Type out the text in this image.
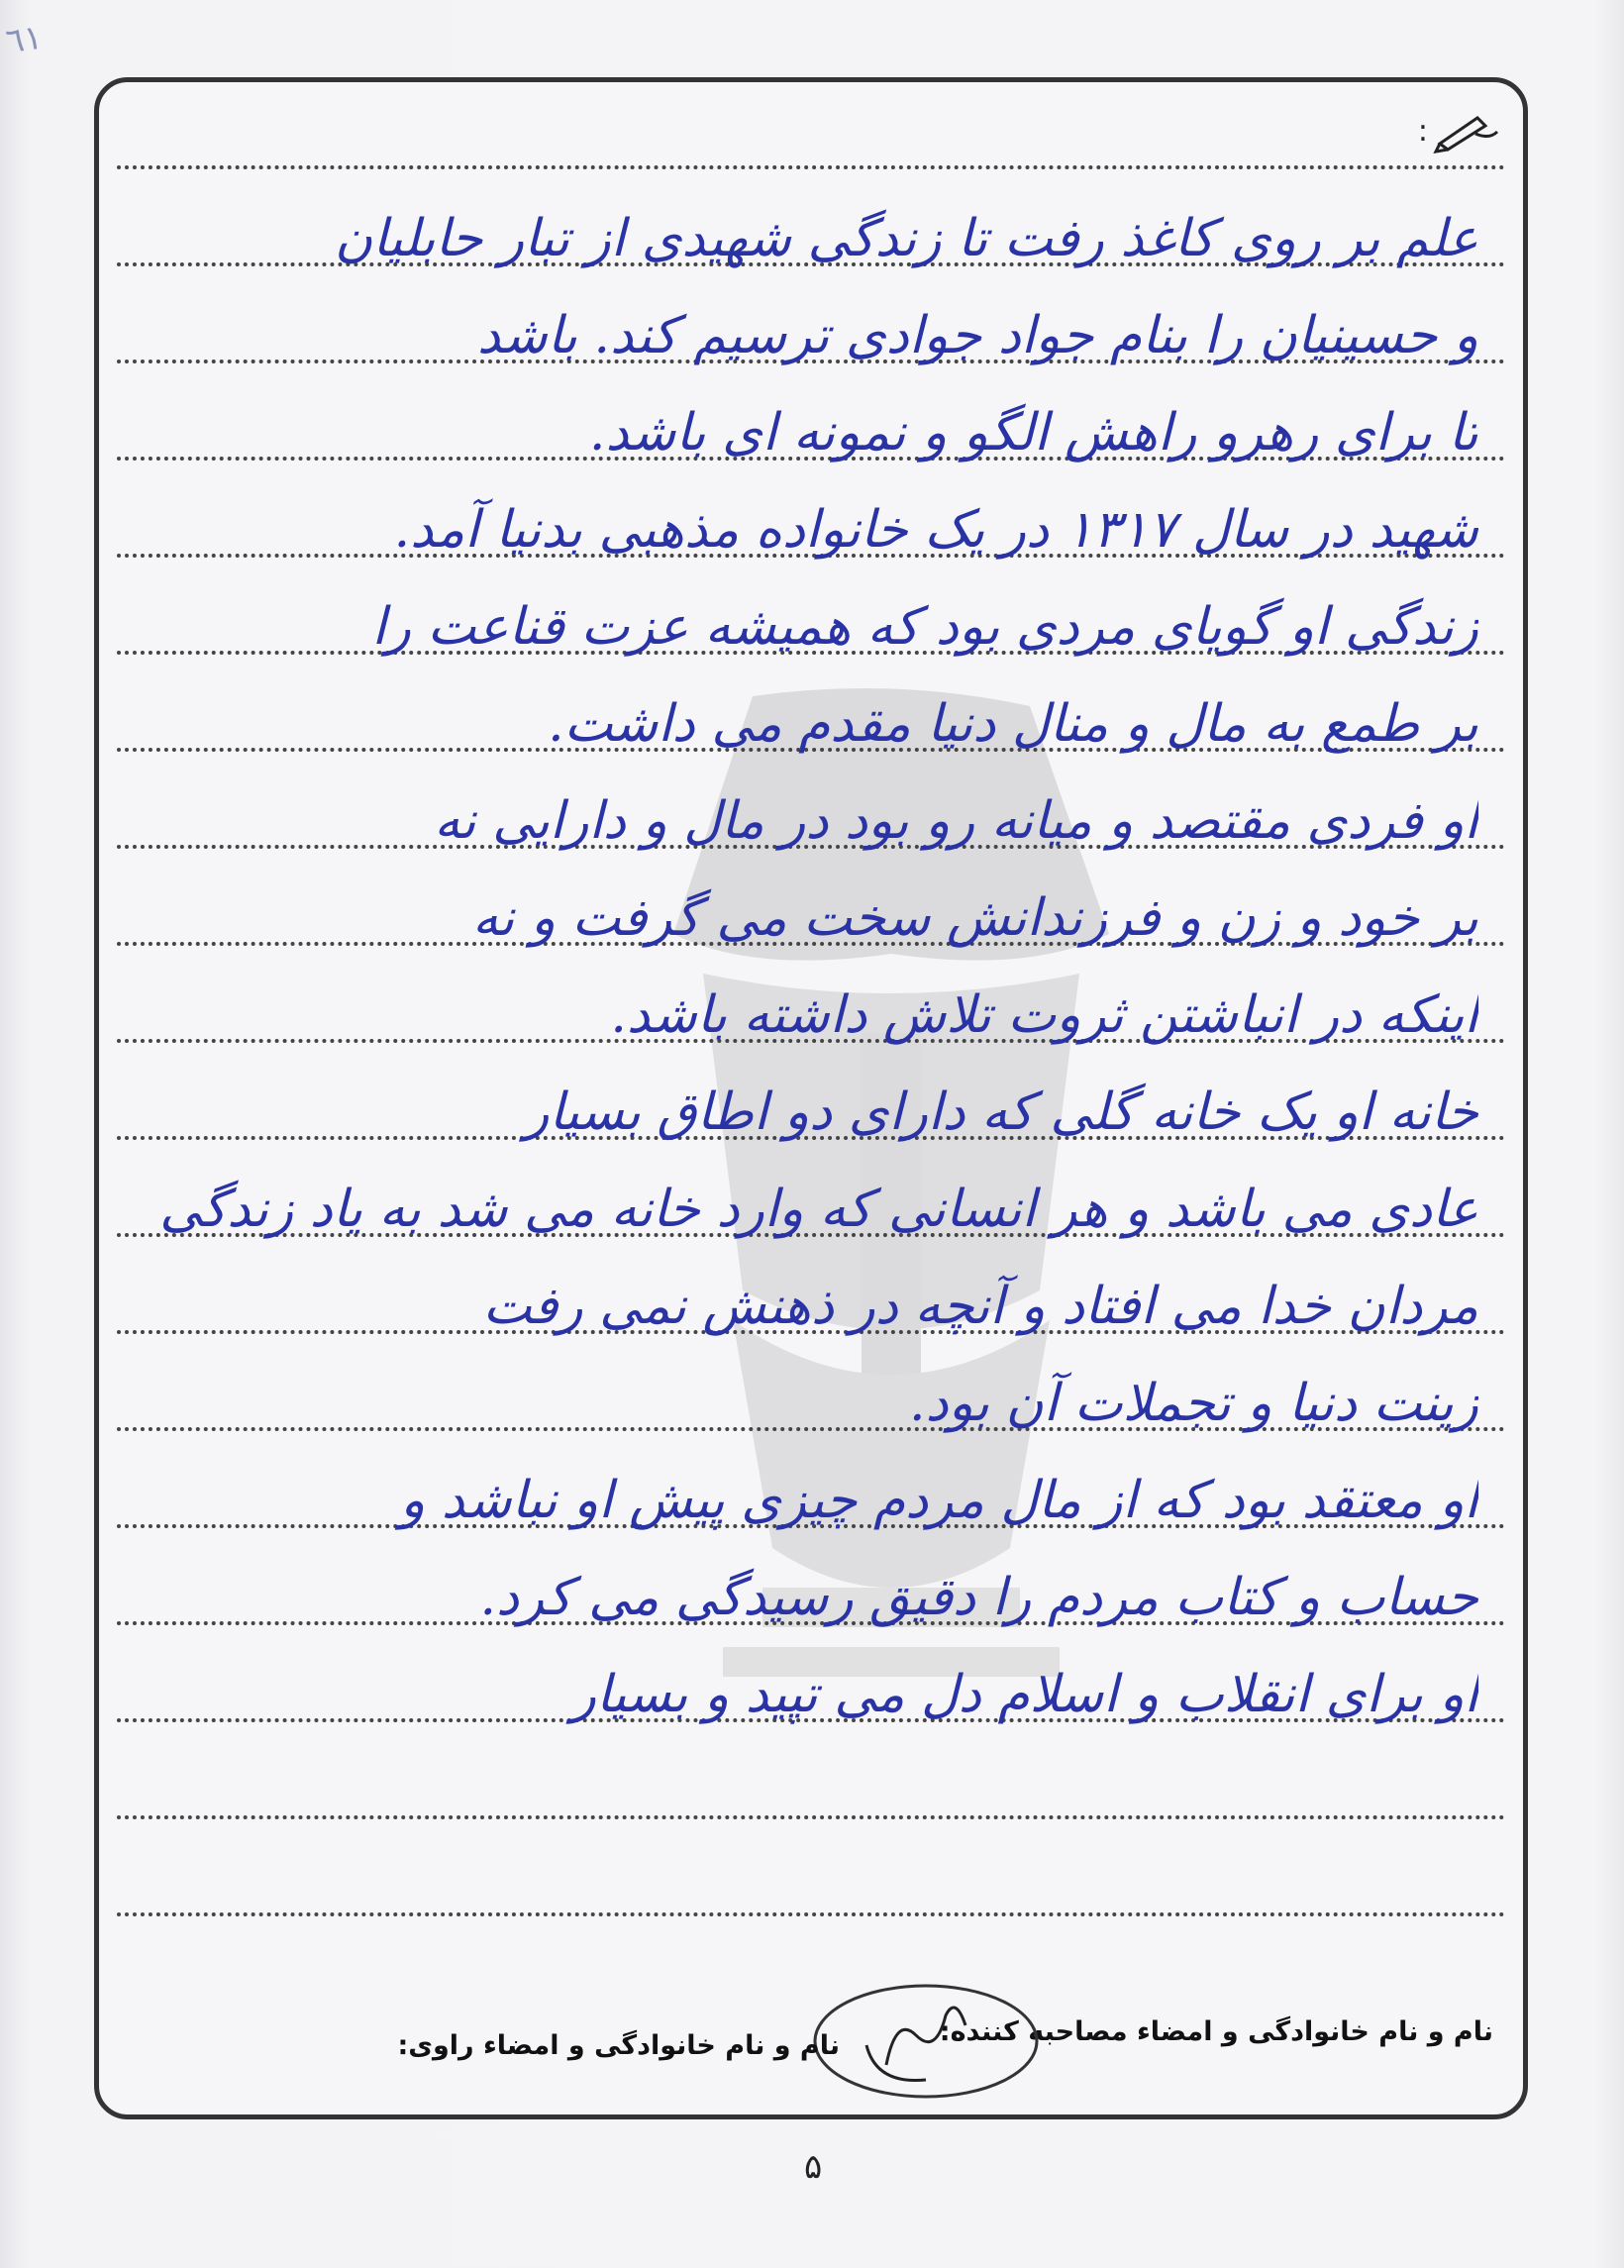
٦١
:
علم بر روی کاغذ رفت تا زندگی شهیدی از تبار حابلیان
و حسینیان را بنام جواد جوادی ترسیم کند. باشد
تا برای رهرو راهش الگو و نمونه ای باشد.
شهید در سال ۱۳۱۷ در یک خانواده مذهبی بدنیا آمد.
زندگی او گویای مردی بود که همیشه عزت قناعت را
بر طمع به مال و منال دنیا مقدم می داشت.
او فردی مقتصد و میانه رو بود در مال و دارایی نه
بر خود و زن و فرزندانش سخت می گرفت و نه
اینکه در انباشتن ثروت تلاش داشته باشد.
خانه او یک خانه گلی که دارای دو اطاق بسیار
عادی می باشد و هر انسانی که وارد خانه می شد به یاد زندگی
مردان خدا می افتاد و آنچه در ذهنش نمی رفت
زینت دنیا و تجملات آن بود.
او معتقد بود که از مال مردم چیزی پیش او نباشد و
حساب و کتاب مردم را دقیق رسیدگی می کرد.
او برای انقلاب و اسلام دل می تپید و بسیار
نام و نام خانوادگی و امضاء مصاحبه کننده:
نام و نام خانوادگی و امضاء راوی:
۵
